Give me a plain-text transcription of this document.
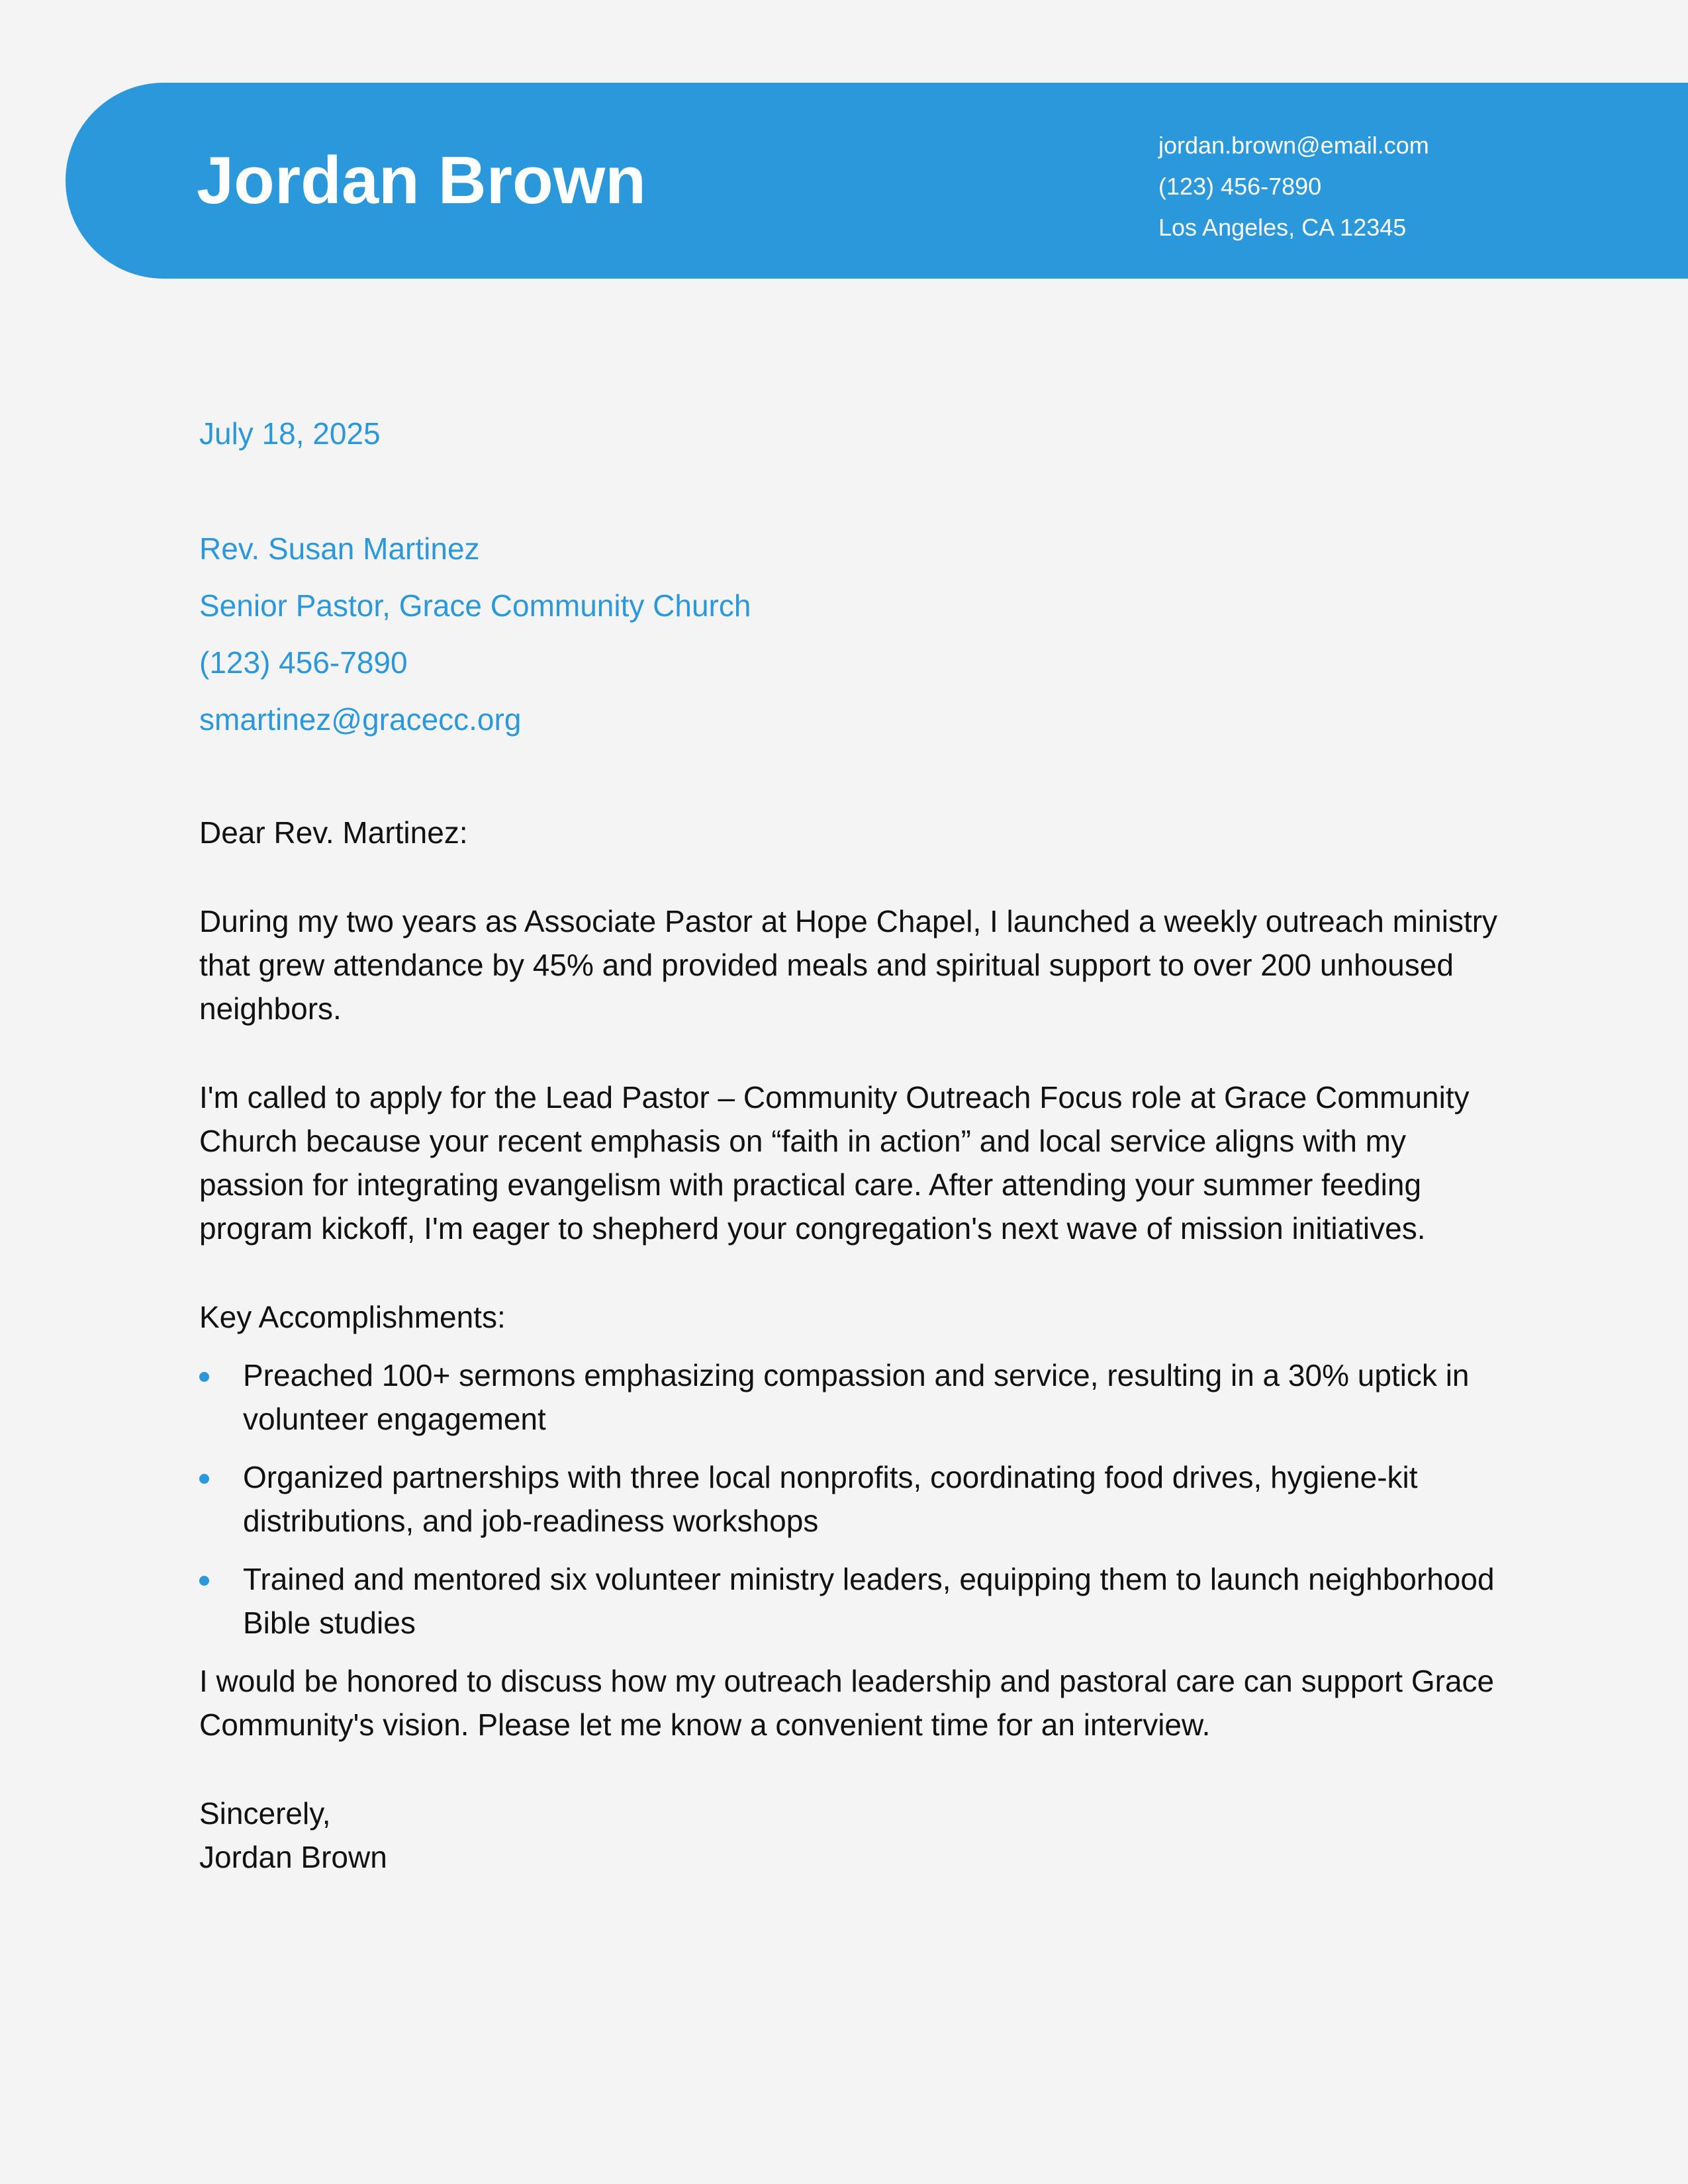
Jordan Brown	jordan.brown@email.com
(123) 456-7890
Los Angeles, CA 12345
July 18, 2025
Rev. Susan Martinez
Senior Pastor, Grace Community Church
(123) 456-7890
smartinez@gracecc.org

Dear Rev. Martinez:

During my two years as Associate Pastor at Hope Chapel, I launched a weekly outreach ministry that grew attendance by 45% and provided meals and spiritual support to over 200 unhoused neighbors.

I'm called to apply for the Lead Pastor – Community Outreach Focus role at Grace Community Church because your recent emphasis on “faith in action” and local service aligns with my passion for integrating evangelism with practical care. After attending your summer feeding program kickoff, I'm eager to shepherd your congregation's next wave of mission initiatives.

Key Accomplishments:

Preached 100+ sermons emphasizing compassion and service, resulting in a 30% uptick in volunteer engagement
Organized partnerships with three local nonprofits, coordinating food drives, hygiene-kit distributions, and job-readiness workshops
Trained and mentored six volunteer ministry leaders, equipping them to launch neighborhood Bible studies

I would be honored to discuss how my outreach leadership and pastoral care can support Grace Community's vision. Please let me know a convenient time for an interview.

Sincerely,

Jordan Brown
